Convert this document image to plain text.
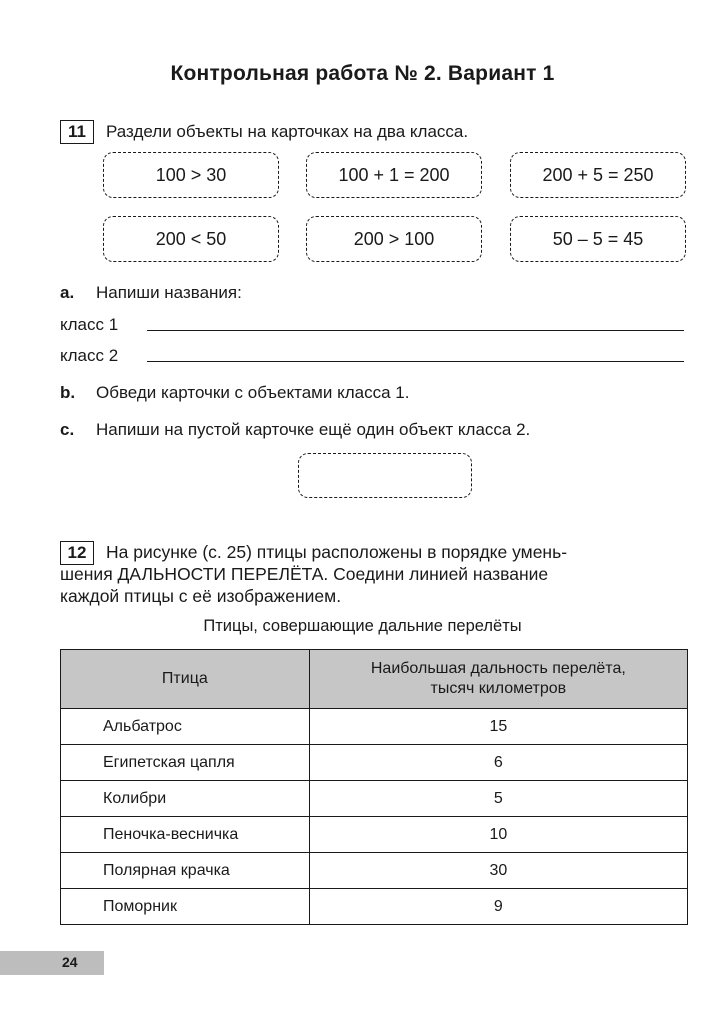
Контрольная работа № 2. Вариант 1
11	Раздели объекты на карточках на два класса.
100 > 30	100 + 1 = 200	200 + 5 = 250
200 < 50	200 > 100	50 – 5 = 45
а. Напиши названия:
класс 1
класс 2
b. Обведи карточки с объектами класса 1.
с. Напиши на пустой карточке ещё один объект класса 2.
12	На рисунке (с. 25) птицы расположены в порядке умень-
шения ДАЛЬНОСТИ ПЕРЕЛЁТА. Соедини линией название
каждой птицы с её изображением.
Птицы, совершающие дальние перелёты
Птица	Наибольшая дальность перелёта,
тысяч километров

Альбатрос	15
Египетская цапля	6
Колибри	5
Пеночка-весничка	10
Полярная крачка	30
Поморник	9
24
